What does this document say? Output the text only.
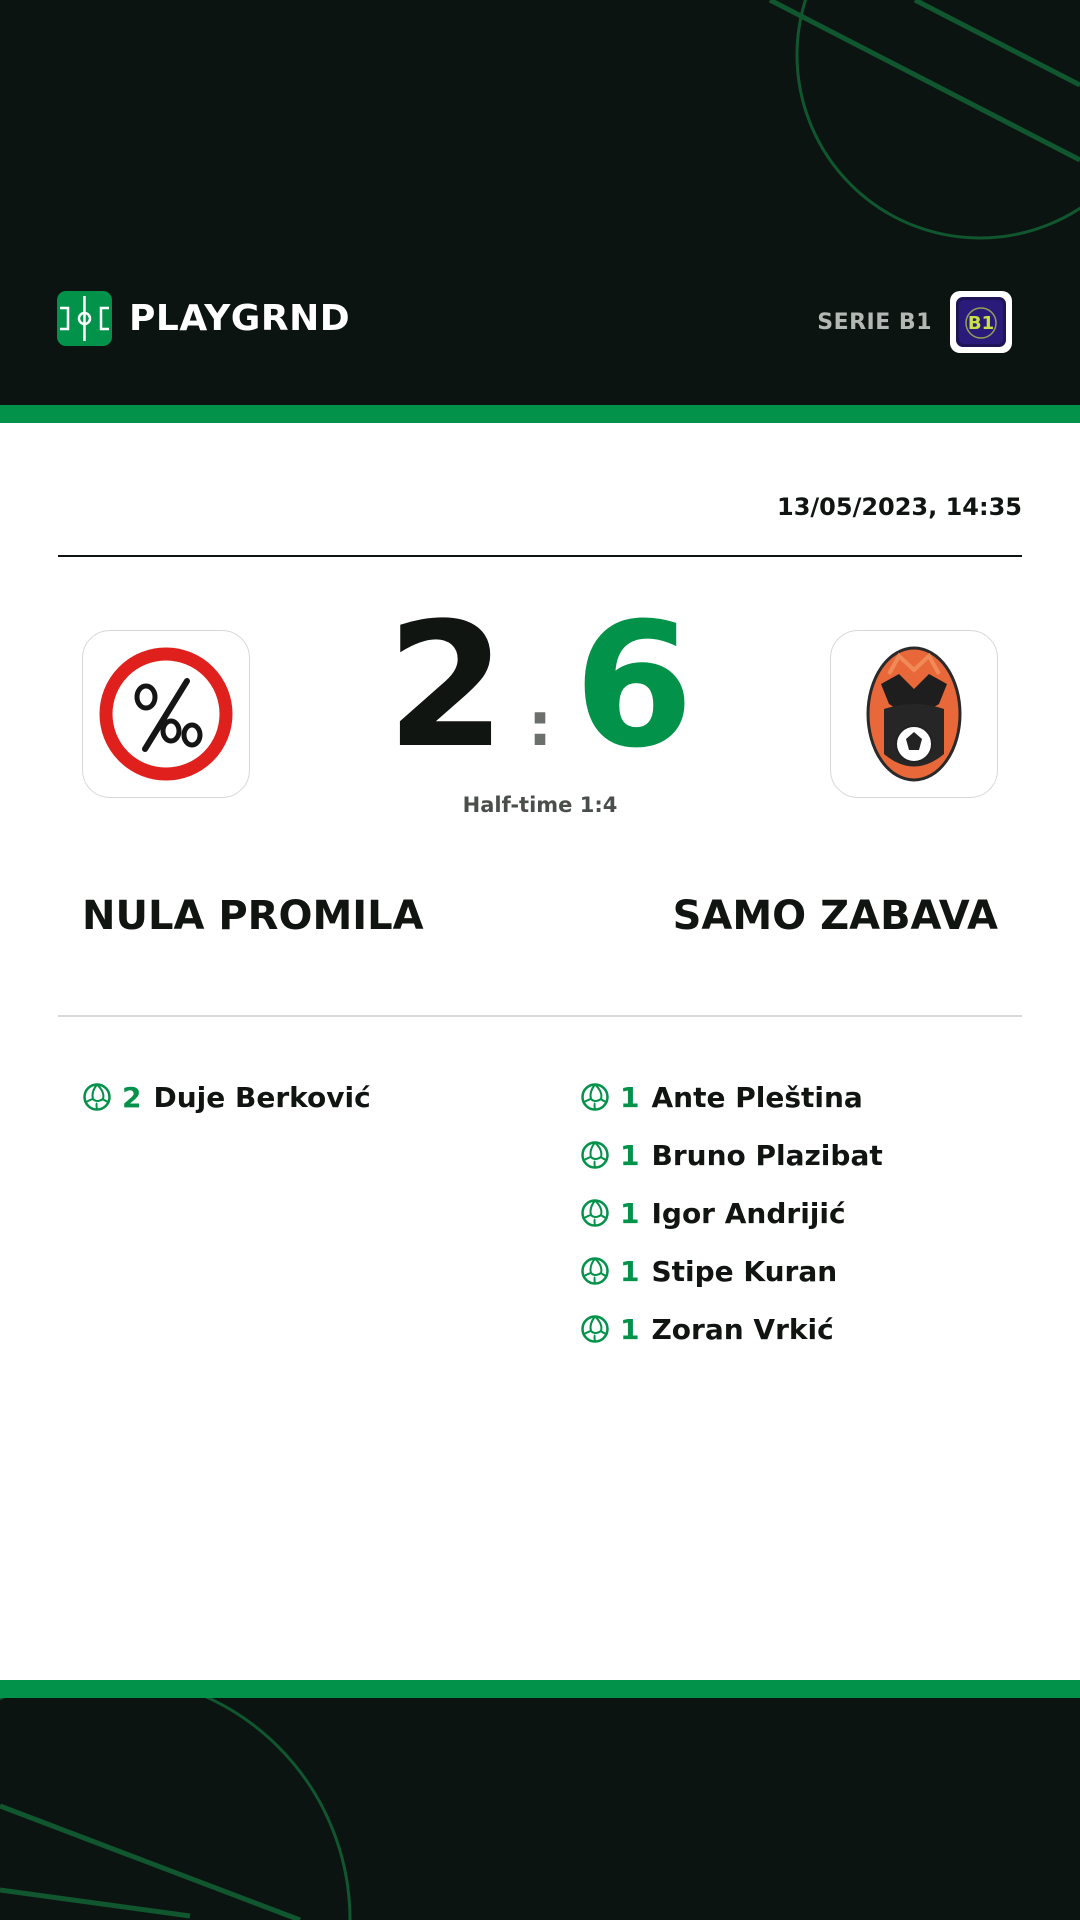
PLAYGRND	SERIE B1 B1
13/05/2023, 14:35
2 : 6
Half-time 1:4
NULA PROMILA	SAMO ZABAVA
2 Duje Berković	1 Ante Pleština
1 Bruno Plazibat
1 Igor Andrijić
1 Stipe Kuran
1 Zoran Vrkić
